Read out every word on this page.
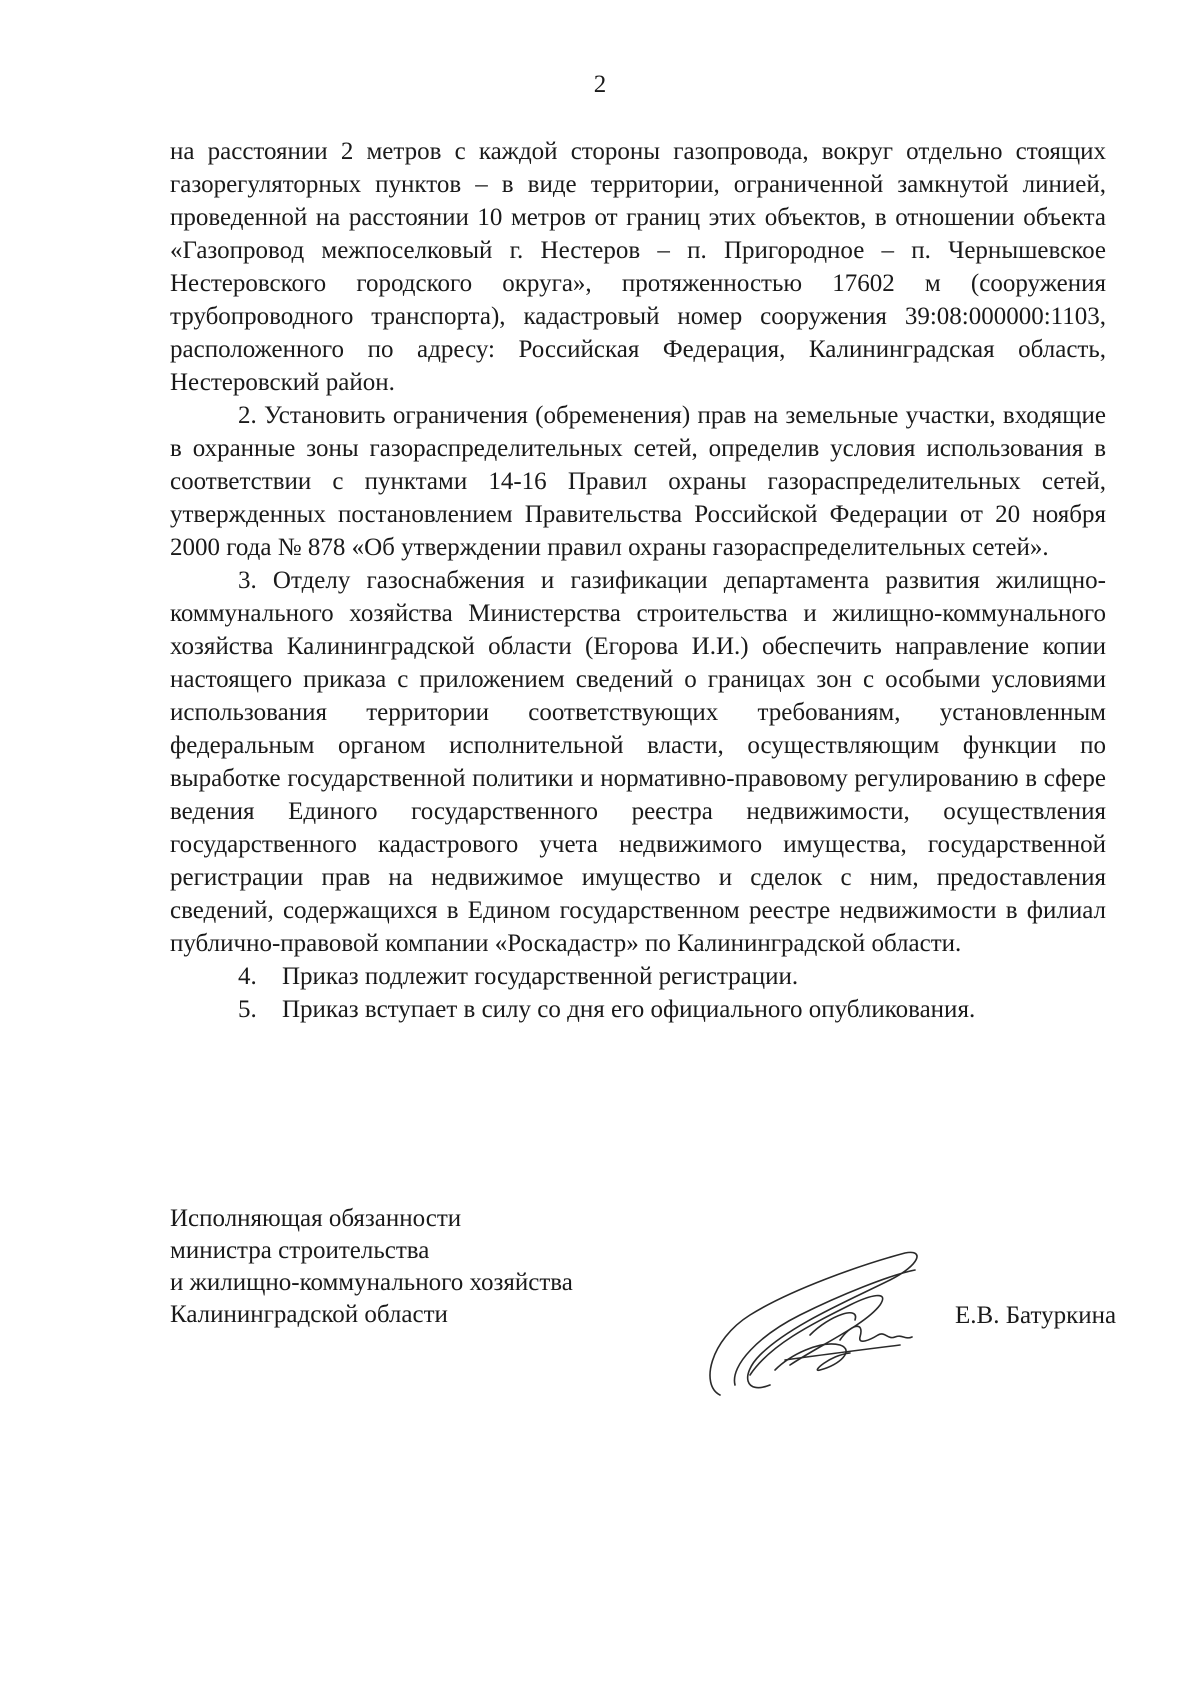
2

на расстоянии 2 метров с каждой стороны газопровода, вокруг отдельно стоящих газорегуляторных пунктов – в виде территории, ограниченной замкнутой линией, проведенной на расстоянии 10 метров от границ этих объектов, в отношении объекта «Газопровод межпоселковый г. Нестеров – п. Пригородное – п. Чернышевское Нестеровского городского округа», протяженностью 17602 м (сооружения трубопроводного транспорта), кадастровый номер сооружения 39:08:000000:1103, расположенного по адресу: Российская Федерация, Калининградская область, Нестеровский район.

2. Установить ограничения (обременения) прав на земельные участки, входящие в охранные зоны газораспределительных сетей, определив условия использования в соответствии с пунктами 14-16 Правил охраны газораспределительных сетей, утвержденных постановлением Правительства Российской Федерации от 20 ноября 2000 года № 878 «Об утверждении правил охраны газораспределительных сетей».

3. Отделу газоснабжения и газификации департамента развития жилищно-коммунального хозяйства Министерства строительства и жилищно-коммунального хозяйства Калининградской области (Егорова И.И.) обеспечить направление копии настоящего приказа с приложением сведений о границах зон с особыми условиями использования территории соответствующих требованиям, установленным федеральным органом исполнительной власти, осуществляющим функции по выработке государственной политики и нормативно-правовому регулированию в сфере ведения Единого государственного реестра недвижимости, осуществления государственного кадастрового учета недвижимого имущества, государственной регистрации прав на недвижимое имущество и сделок с ним, предоставления сведений, содержащихся в Едином государственном реестре недвижимости в филиал публично-правовой компании «Роскадастр» по Калининградской области.

4.	Приказ подлежит государственной регистрации.
5.	Приказ вступает в силу со дня его официального опубликования.
Исполняющая обязанности
министра строительства
и жилищно-коммунального хозяйства
Калининградской области	Е.В. Батуркина
